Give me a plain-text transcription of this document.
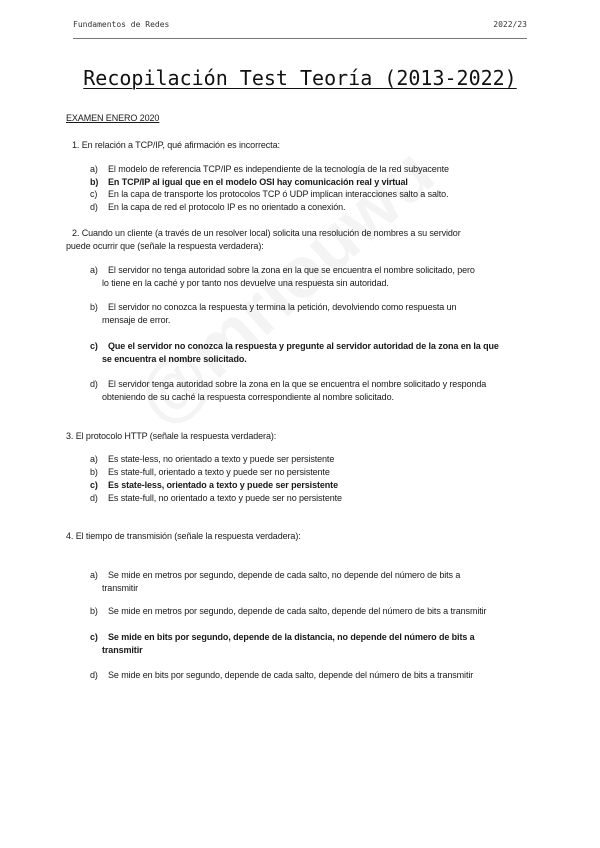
Fundamentos de Redes	2022/23
Recopilación Test Teoría (2013-2022)
EXAMEN ENERO 2020
1. En relación a TCP/IP, qué afirmación es incorrecta:
a) El modelo de referencia TCP/IP es independiente de la tecnología de la red subyacente
b) En TCP/IP al igual que en el modelo OSI hay comunicación real y virtual
c) En la capa de transporte los protocolos TCP ó UDP implican interacciones salto a salto.
d) En la capa de red el protocolo IP es no orientado a conexión.
2. Cuando un cliente (a través de un resolver local) solicita una resolución de nombres a su servidor
puede ocurrir que (señale la respuesta verdadera):
a) El servidor no tenga autoridad sobre la zona en la que se encuentra el nombre solicitado, pero
lo tiene en la caché y por tanto nos devuelve una respuesta sin autoridad.
b) El servidor no conozca la respuesta y termina la petición, devolviendo como respuesta un
mensaje de error.
c) Que el servidor no conozca la respuesta y pregunte al servidor autoridad de la zona en la que
se encuentra el nombre solicitado.
d) El servidor tenga autoridad sobre la zona en la que se encuentra el nombre solicitado y responda
obteniendo de su caché la respuesta correspondiente al nombre solicitado.
3. El protocolo HTTP (señale la respuesta verdadera):
a) Es state-less, no orientado a texto y puede ser persistente
b) Es state-full, orientado a texto y puede ser no persistente
c) Es state-less, orientado a texto y puede ser persistente
d) Es state-full, no orientado a texto y puede ser no persistente
4. El tiempo de transmisión (señale la respuesta verdadera):
a) Se mide en metros por segundo, depende de cada salto, no depende del número de bits a
transmitir
b) Se mide en metros por segundo, depende de cada salto, depende del número de bits a transmitir
c) Se mide en bits por segundo, depende de la distancia, no depende del número de bits a
transmitir
d) Se mide en bits por segundo, depende de cada salto, depende del número de bits a transmitir
